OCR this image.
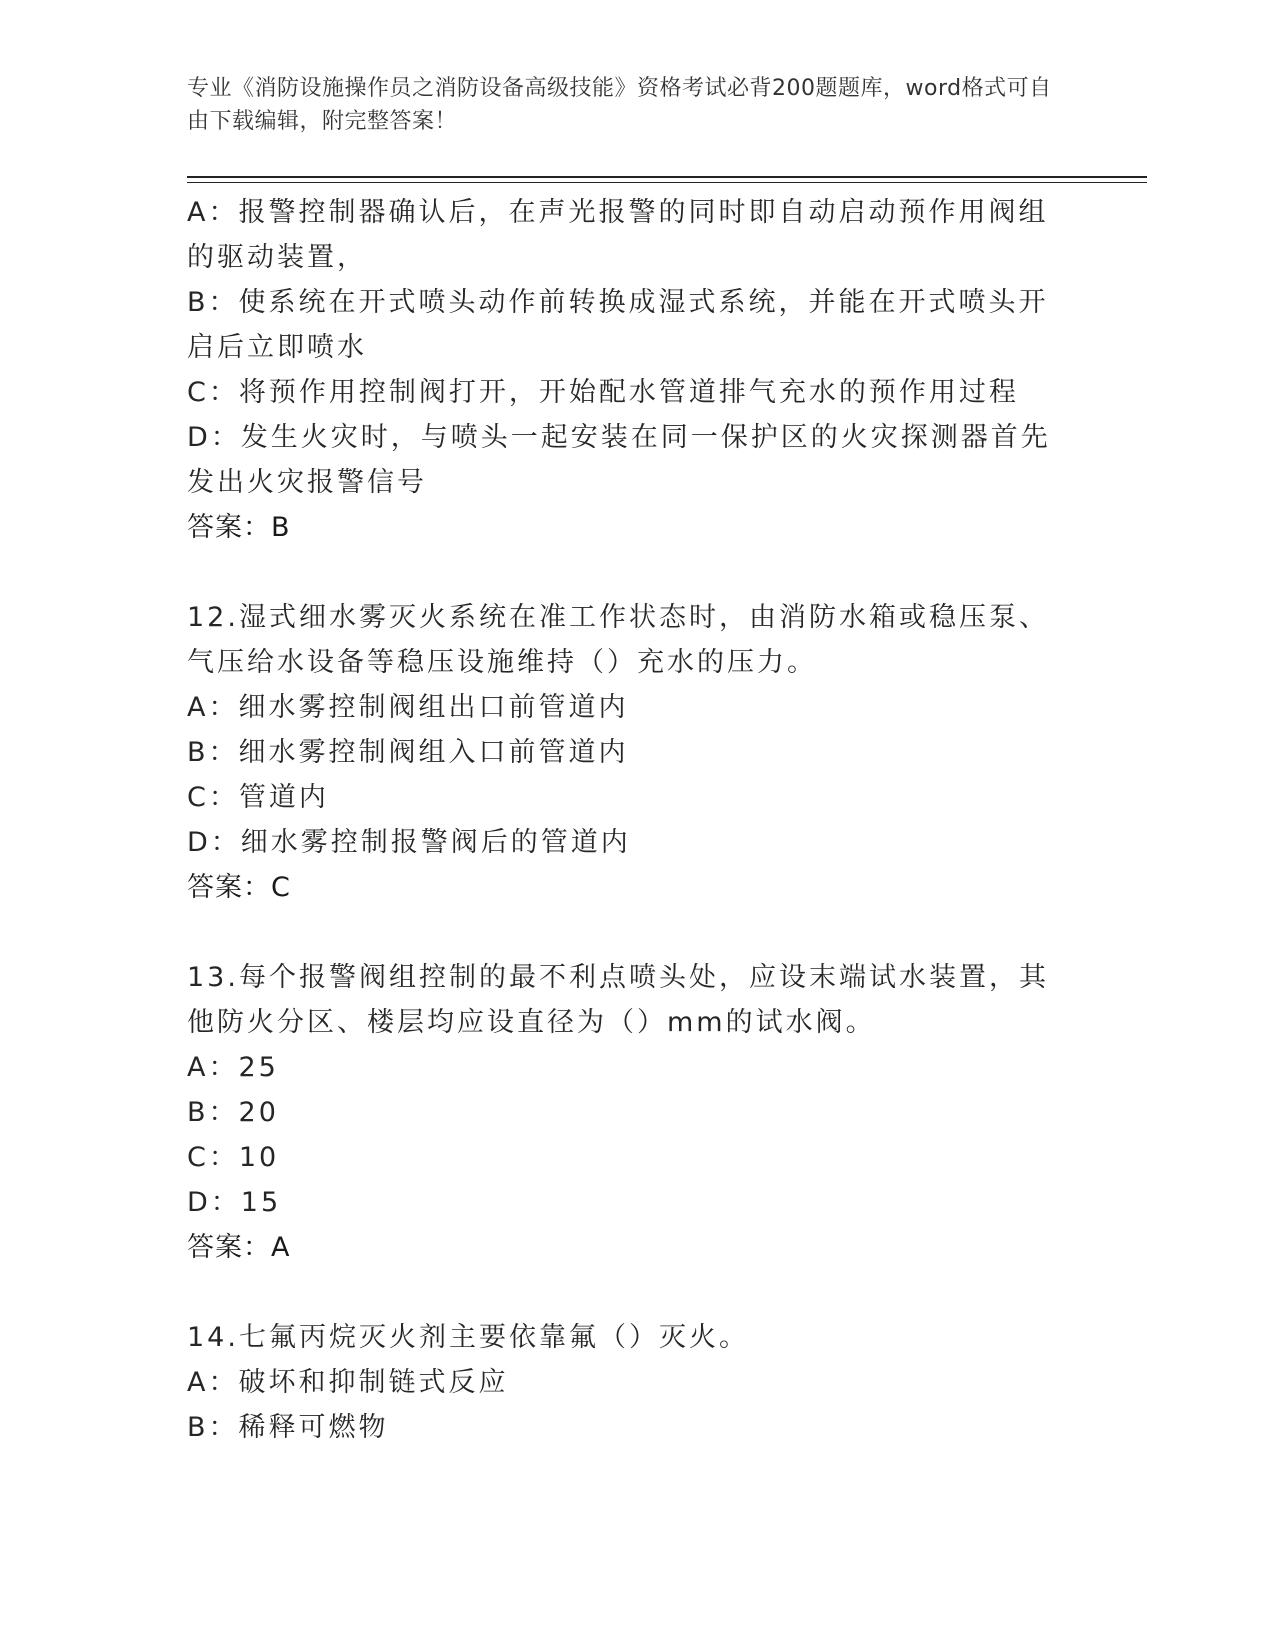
专业《消防设施操作员之消防设备高级技能》资格考试必背200题题库，word格式可自由下载编辑，附完整答案！
A：报警控制器确认后，在声光报警的同时即自动启动预作用阀组的驱动装置，
B：使系统在开式喷头动作前转换成湿式系统，并能在开式喷头开启后立即喷水
C：将预作用控制阀打开，开始配水管道排气充水的预作用过程
D：发生火灾时，与喷头一起安装在同一保护区的火灾探测器首先发出火灾报警信号
答案：B
12.湿式细水雾灭火系统在准工作状态时，由消防水箱或稳压泵、气压给水设备等稳压设施维持（）充水的压力。
A：细水雾控制阀组出口前管道内
B：细水雾控制阀组入口前管道内
C：管道内
D：细水雾控制报警阀后的管道内
答案：C
13.每个报警阀组控制的最不利点喷头处，应设末端试水装置，其他防火分区、楼层均应设直径为（）mm的试水阀。
A：25
B：20
C：10
D：15
答案：A
14.七氟丙烷灭火剂主要依靠氟（）灭火。
A：破坏和抑制链式反应
B：稀释可燃物
